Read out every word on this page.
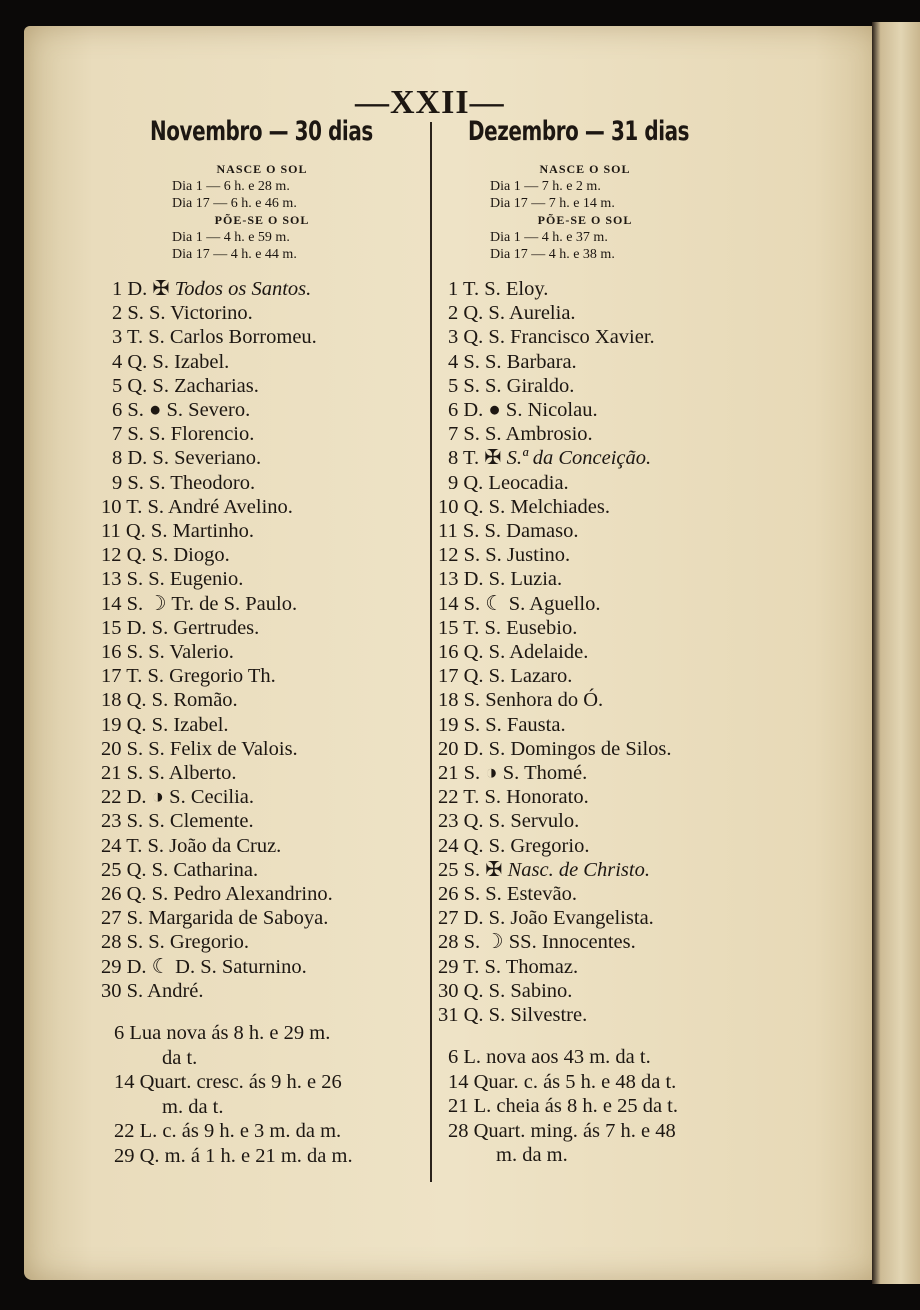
—XXII—
Novembro — 30 dias
NASCE O SOL
Dia 1 — 6 h. e 28 m.
Dia 17 — 6 h. e 46 m.
PÕE-SE O SOL
Dia 1 — 4 h. e 59 m.
Dia 17 — 4 h. e 44 m.
1 D. ✠ Todos os Santos.
2 S. S. Victorino.
3 T. S. Carlos Borromeu.
4 Q. S. Izabel.
5 Q. S. Zacharias.
6 S. ● S. Severo.
7 S. S. Florencio.
8 D. S. Severiano.
9 S. S. Theodoro.
10 T. S. André Avelino.
11 Q. S. Martinho.
12 Q. S. Diogo.
13 S. S. Eugenio.
14 S. ☽ Tr. de S. Paulo.
15 D. S. Gertrudes.
16 S. S. Valerio.
17 T. S. Gregorio Th.
18 Q. S. Romão.
19 Q. S. Izabel.
20 S. S. Felix de Valois.
21 S. S. Alberto.
22 D. ◑ S. Cecilia.
23 S. S. Clemente.
24 T. S. João da Cruz.
25 Q. S. Catharina.
26 Q. S. Pedro Alexandrino.
27 S. Margarida de Saboya.
28 S. S. Gregorio.
29 D. ☾ D. S. Saturnino.
30 S. André.
6 Lua nova ás 8 h. e 29 m.
da t.
14 Quart. cresc. ás 9 h. e 26
m. da t.
22 L. c. ás 9 h. e 3 m. da m.
29 Q. m. á 1 h. e 21 m. da m.
Dezembro — 31 dias
NASCE O SOL
Dia 1 — 7 h. e 2 m.
Dia 17 — 7 h. e 14 m.
PÕE-SE O SOL
Dia 1 — 4 h. e 37 m.
Dia 17 — 4 h. e 38 m.
1 T. S. Eloy.
2 Q. S. Aurelia.
3 Q. S. Francisco Xavier.
4 S. S. Barbara.
5 S. S. Giraldo.
6 D. ● S. Nicolau.
7 S. S. Ambrosio.
8 T. ✠ S.ª da Conceição.
9 Q. Leocadia.
10 Q. S. Melchiades.
11 S. S. Damaso.
12 S. S. Justino.
13 D. S. Luzia.
14 S. ☾ S. Aguello.
15 T. S. Eusebio.
16 Q. S. Adelaide.
17 Q. S. Lazaro.
18 S. Senhora do Ó.
19 S. S. Fausta.
20 D. S. Domingos de Silos.
21 S. ◑ S. Thomé.
22 T. S. Honorato.
23 Q. S. Servulo.
24 Q. S. Gregorio.
25 S. ✠ Nasc. de Christo.
26 S. S. Estevão.
27 D. S. João Evangelista.
28 S. ☽ SS. Innocentes.
29 T. S. Thomaz.
30 Q. S. Sabino.
31 Q. S. Silvestre.
6 L. nova aos 43 m. da t.
14 Quar. c. ás 5 h. e 48 da t.
21 L. cheia ás 8 h. e 25 da t.
28 Quart. ming. ás 7 h. e 48
m. da m.
